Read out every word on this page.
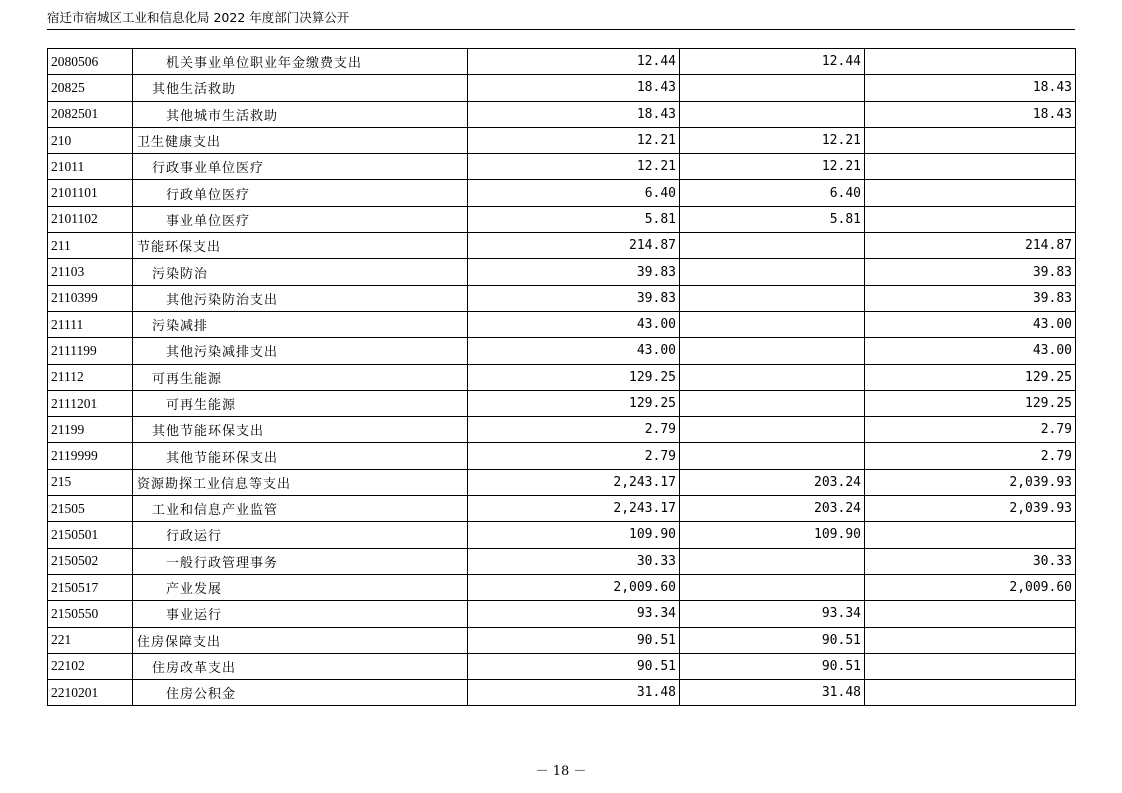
宿迁市宿城区工业和信息化局 2022 年度部门决算公开
2080506	机关事业单位职业年金缴费支出	12.44	12.44	
20825	其他生活救助	18.43		18.43
2082501	其他城市生活救助	18.43		18.43
210	卫生健康支出	12.21	12.21	
21011	行政事业单位医疗	12.21	12.21	
2101101	行政单位医疗	6.40	6.40	
2101102	事业单位医疗	5.81	5.81	
211	节能环保支出	214.87		214.87
21103	污染防治	39.83		39.83
2110399	其他污染防治支出	39.83		39.83
21111	污染减排	43.00		43.00
2111199	其他污染减排支出	43.00		43.00
21112	可再生能源	129.25		129.25
2111201	可再生能源	129.25		129.25
21199	其他节能环保支出	2.79		2.79
2119999	其他节能环保支出	2.79		2.79
215	资源勘探工业信息等支出	2,243.17	203.24	2,039.93
21505	工业和信息产业监管	2,243.17	203.24	2,039.93
2150501	行政运行	109.90	109.90	
2150502	一般行政管理事务	30.33		30.33
2150517	产业发展	2,009.60		2,009.60
2150550	事业运行	93.34	93.34	
221	住房保障支出	90.51	90.51	
22102	住房改革支出	90.51	90.51	
2210201	住房公积金	31.48	31.48	
－ 18 －
